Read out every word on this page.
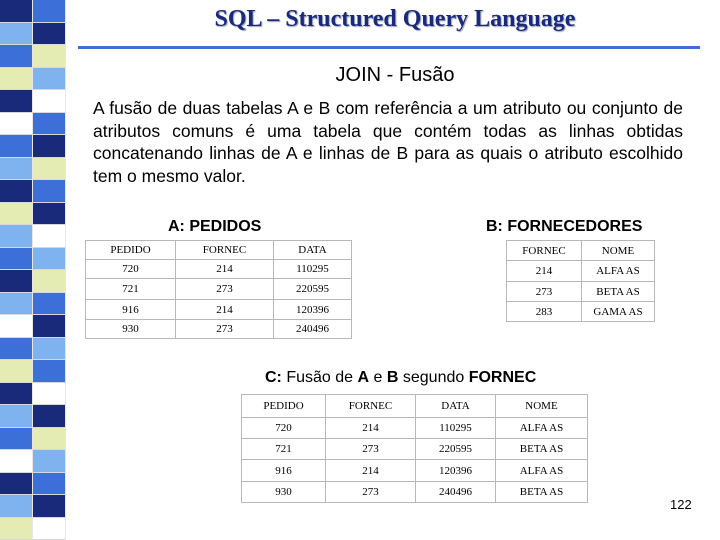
SQL – Structured Query Language
JOIN - Fusão
A fusão de duas tabelas A e B com referência a um atributo ou conjunto de atributos comuns é uma tabela que contém todas as linhas obtidas concatenando linhas de A e linhas de B para as quais o atributo escolhido tem o mesmo valor.
A: PEDIDOS	B: FORNECEDORES
PEDIDO	FORNEC	DATA
720	214	110295
721	273	220595
916	214	120396
930	273	240496
FORNEC	NOME
214	ALFA AS
273	BETA AS
283	GAMA AS
C: Fusão de A e B segundo FORNEC
PEDIDO	FORNEC	DATA	NOME
720	214	110295	ALFA AS
721	273	220595	BETA AS
916	214	120396	ALFA AS
930	273	240496	BETA AS
122
